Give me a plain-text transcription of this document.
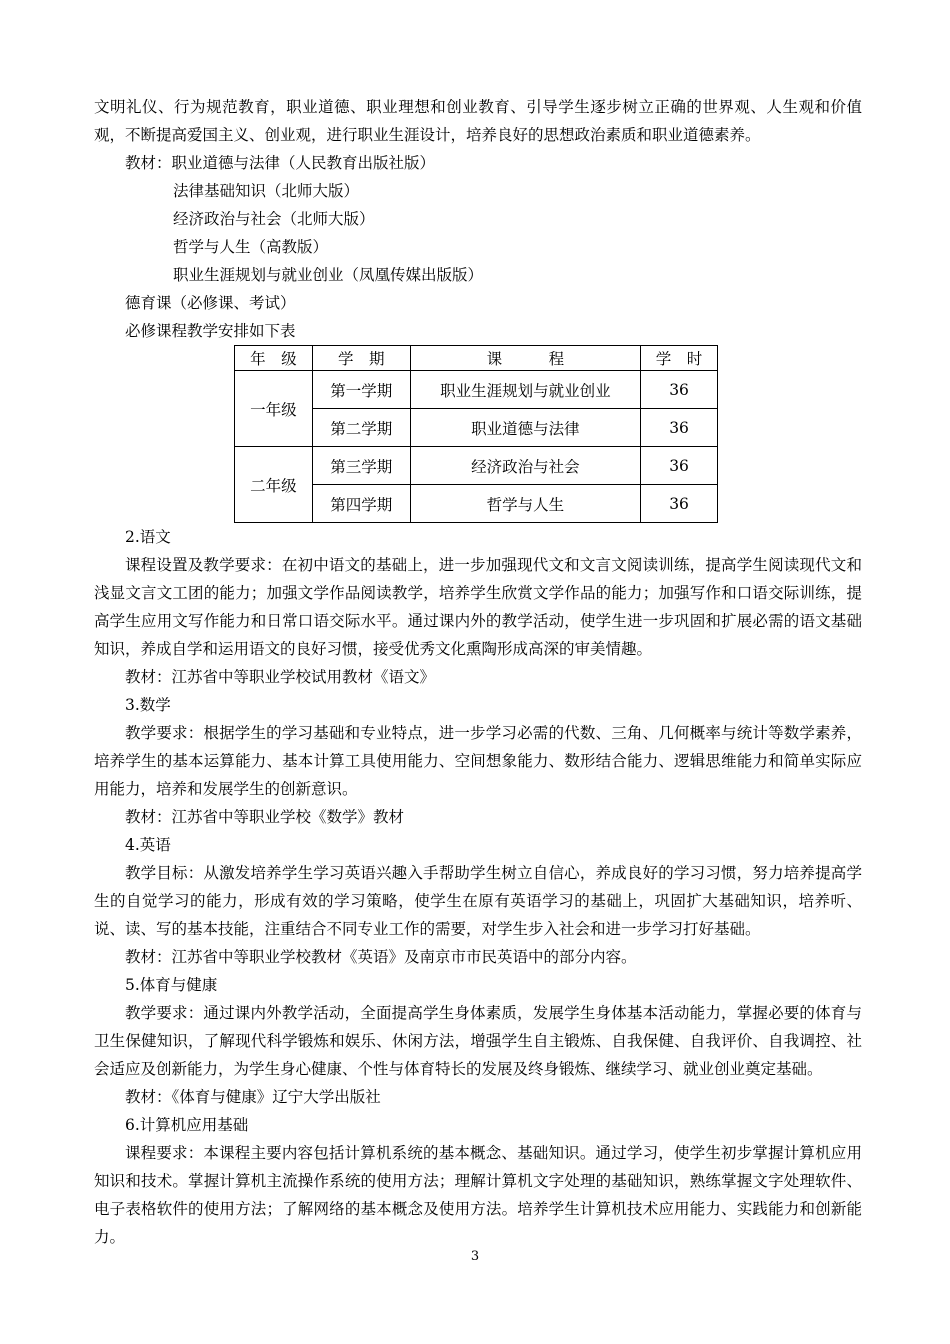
文明礼仪、行为规范教育，职业道德、职业理想和创业教育、引导学生逐步树立正确的世界观、人生观和价值观，不断提高爱国主义、创业观，进行职业生涯设计，培养良好的思想政治素质和职业道德素养。

教材：职业道德与法律（人民教育出版社版）

法律基础知识（北师大版）

经济政治与社会（北师大版）

哲学与人生（高教版）

职业生涯规划与就业创业（凤凰传媒出版版）

德育课（必修课、考试）

必修课程教学安排如下表

年　级	学　期	课　　　程	学　时
一年级	第一学期	职业生涯规划与就业创业	36
	第二学期	职业道德与法律	36
二年级	第三学期	经济政治与社会	36
	第四学期	哲学与人生	36

2.语文

课程设置及教学要求：在初中语文的基础上，进一步加强现代文和文言文阅读训练，提高学生阅读现代文和浅显文言文工团的能力；加强文学作品阅读教学，培养学生欣赏文学作品的能力；加强写作和口语交际训练，提高学生应用文写作能力和日常口语交际水平。通过课内外的教学活动，使学生进一步巩固和扩展必需的语文基础知识，养成自学和运用语文的良好习惯，接受优秀文化熏陶形成高深的审美情趣。

教材：江苏省中等职业学校试用教材《语文》

3.数学

教学要求：根据学生的学习基础和专业特点，进一步学习必需的代数、三角、几何概率与统计等数学素养，培养学生的基本运算能力、基本计算工具使用能力、空间想象能力、数形结合能力、逻辑思维能力和简单实际应用能力，培养和发展学生的创新意识。

教材：江苏省中等职业学校《数学》教材

4.英语

教学目标：从激发培养学生学习英语兴趣入手帮助学生树立自信心，养成良好的学习习惯，努力培养提高学生的自觉学习的能力，形成有效的学习策略，使学生在原有英语学习的基础上，巩固扩大基础知识，培养听、说、读、写的基本技能，注重结合不同专业工作的需要，对学生步入社会和进一步学习打好基础。

教材：江苏省中等职业学校教材《英语》及南京市市民英语中的部分内容。

5.体育与健康

教学要求：通过课内外教学活动，全面提高学生身体素质，发展学生身体基本活动能力，掌握必要的体育与卫生保健知识，了解现代科学锻炼和娱乐、休闲方法，增强学生自主锻炼、自我保健、自我评价、自我调控、社会适应及创新能力，为学生身心健康、个性与体育特长的发展及终身锻炼、继续学习、就业创业奠定基础。

教材：《体育与健康》辽宁大学出版社

6.计算机应用基础

课程要求：本课程主要内容包括计算机系统的基本概念、基础知识。通过学习，使学生初步掌握计算机应用知识和技术。掌握计算机主流操作系统的使用方法；理解计算机文字处理的基础知识，熟练掌握文字处理软件、电子表格软件的使用方法；了解网络的基本概念及使用方法。培养学生计算机技术应用能力、实践能力和创新能力。

3
